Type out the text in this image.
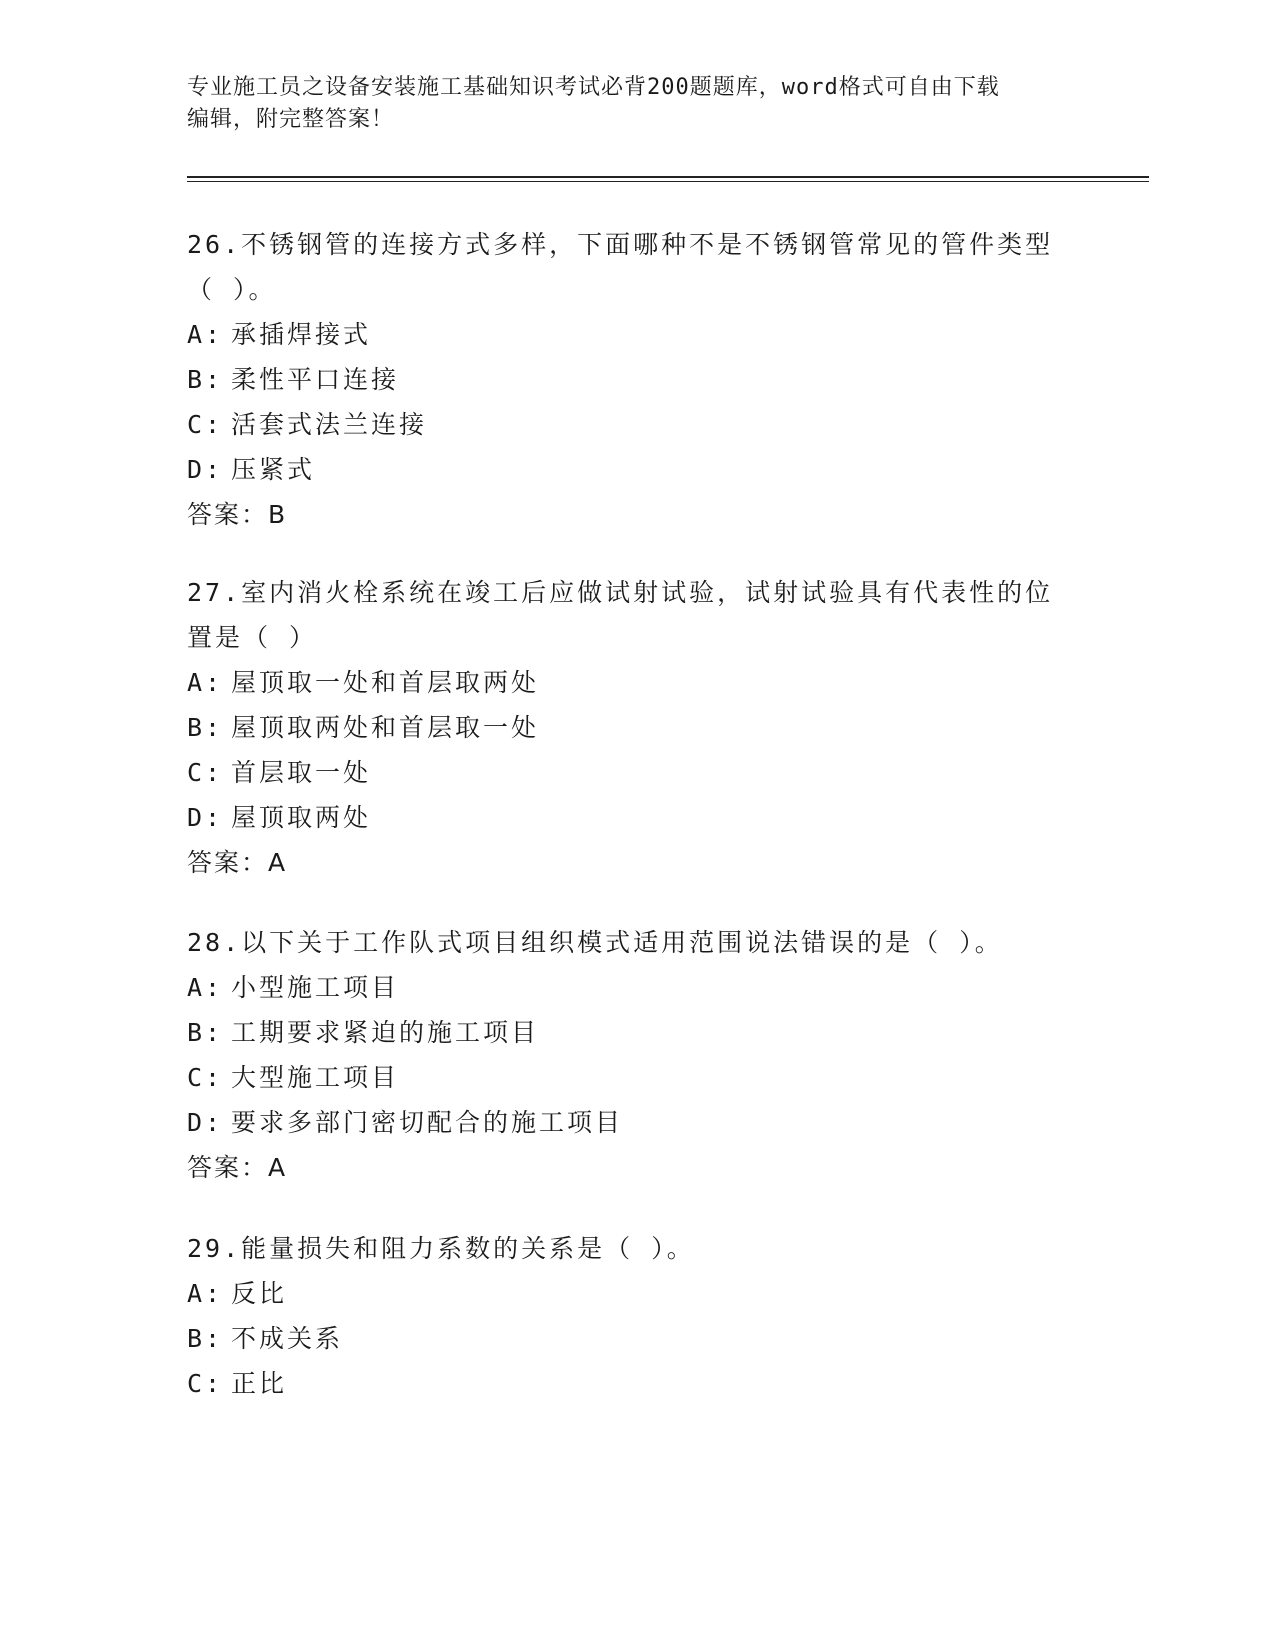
专业施工员之设备安装施工基础知识考试必背200题题库，word格式可自由下载
编辑，附完整答案！

26.不锈钢管的连接方式多样，下面哪种不是不锈钢管常见的管件类型

（ ）。

A: 承插焊接式

B: 柔性平口连接

C: 活套式法兰连接

D: 压紧式

答案：B

27.室内消火栓系统在竣工后应做试射试验，试射试验具有代表性的位

置是（ ）

A: 屋顶取一处和首层取两处

B: 屋顶取两处和首层取一处

C: 首层取一处

D: 屋顶取两处

答案：A

28.以下关于工作队式项目组织模式适用范围说法错误的是（ ）。

A: 小型施工项目

B: 工期要求紧迫的施工项目

C: 大型施工项目

D: 要求多部门密切配合的施工项目

答案：A

29.能量损失和阻力系数的关系是（ ）。

A: 反比

B: 不成关系

C: 正比
